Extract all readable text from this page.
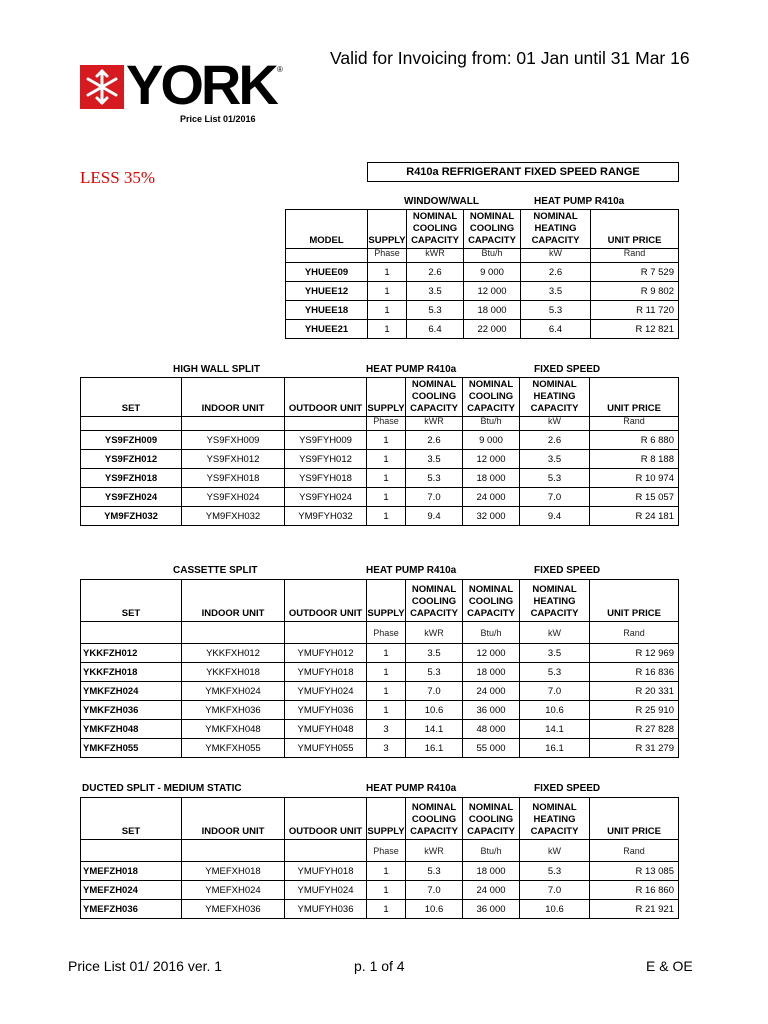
Valid for Invoicing from: 01 Jan until 31 Mar 16
YORK ®
Price List 01/2016
LESS 35%	R410a REFRIGERANT FIXED SPEED RANGE
WINDOW/WALL	HEAT PUMP R410a
MODEL	SUPPLY	NOMINAL
COOLING
CAPACITY	NOMINAL
COOLING
CAPACITY	NOMINAL
HEATING
CAPACITY	UNIT PRICE
	Phase	kWR	Btu/h	kW	Rand
YHUEE09	1	2.6	9 000	2.6	R 7 529
YHUEE12	1	3.5	12 000	3.5	R 9 802
YHUEE18	1	5.3	18 000	5.3	R 11 720
YHUEE21	1	6.4	22 000	6.4	R 12 821
HIGH WALL SPLIT	HEAT PUMP R410a	FIXED SPEED
SET	INDOOR UNIT	OUTDOOR UNIT	SUPPLY	NOMINAL
COOLING
CAPACITY	NOMINAL
COOLING
CAPACITY	NOMINAL
HEATING
CAPACITY	UNIT PRICE
			Phase	kWR	Btu/h	kW	Rand
YS9FZH009	YS9FXH009	YS9FYH009	1	2.6	9 000	2.6	R 6 880
YS9FZH012	YS9FXH012	YS9FYH012	1	3.5	12 000	3.5	R 8 188
YS9FZH018	YS9FXH018	YS9FYH018	1	5.3	18 000	5.3	R 10 974
YS9FZH024	YS9FXH024	YS9FYH024	1	7.0	24 000	7.0	R 15 057
YM9FZH032	YM9FXH032	YM9FYH032	1	9.4	32 000	9.4	R 24 181
CASSETTE SPLIT	HEAT PUMP R410a	FIXED SPEED
SET	INDOOR UNIT	OUTDOOR UNIT	SUPPLY	NOMINAL
COOLING
CAPACITY	NOMINAL
COOLING
CAPACITY	NOMINAL
HEATING
CAPACITY	UNIT PRICE
			Phase	kWR	Btu/h	kW	Rand
YKKFZH012	YKKFXH012	YMUFYH012	1	3.5	12 000	3.5	R 12 969
YKKFZH018	YKKFXH018	YMUFYH018	1	5.3	18 000	5.3	R 16 836
YMKFZH024	YMKFXH024	YMUFYH024	1	7.0	24 000	7.0	R 20 331
YMKFZH036	YMKFXH036	YMUFYH036	1	10.6	36 000	10.6	R 25 910
YMKFZH048	YMKFXH048	YMUFYH048	3	14.1	48 000	14.1	R 27 828
YMKFZH055	YMKFXH055	YMUFYH055	3	16.1	55 000	16.1	R 31 279
DUCTED SPLIT - MEDIUM STATIC	HEAT PUMP R410a	FIXED SPEED
SET	INDOOR UNIT	OUTDOOR UNIT	SUPPLY	NOMINAL
COOLING
CAPACITY	NOMINAL
COOLING
CAPACITY	NOMINAL
HEATING
CAPACITY	UNIT PRICE
			Phase	kWR	Btu/h	kW	Rand
YMEFZH018	YMEFXH018	YMUFYH018	1	5.3	18 000	5.3	R 13 085
YMEFZH024	YMEFXH024	YMUFYH024	1	7.0	24 000	7.0	R 16 860
YMEFZH036	YMEFXH036	YMUFYH036	1	10.6	36 000	10.6	R 21 921
Price List 01/ 2016 ver. 1	p. 1 of 4	E & OE
